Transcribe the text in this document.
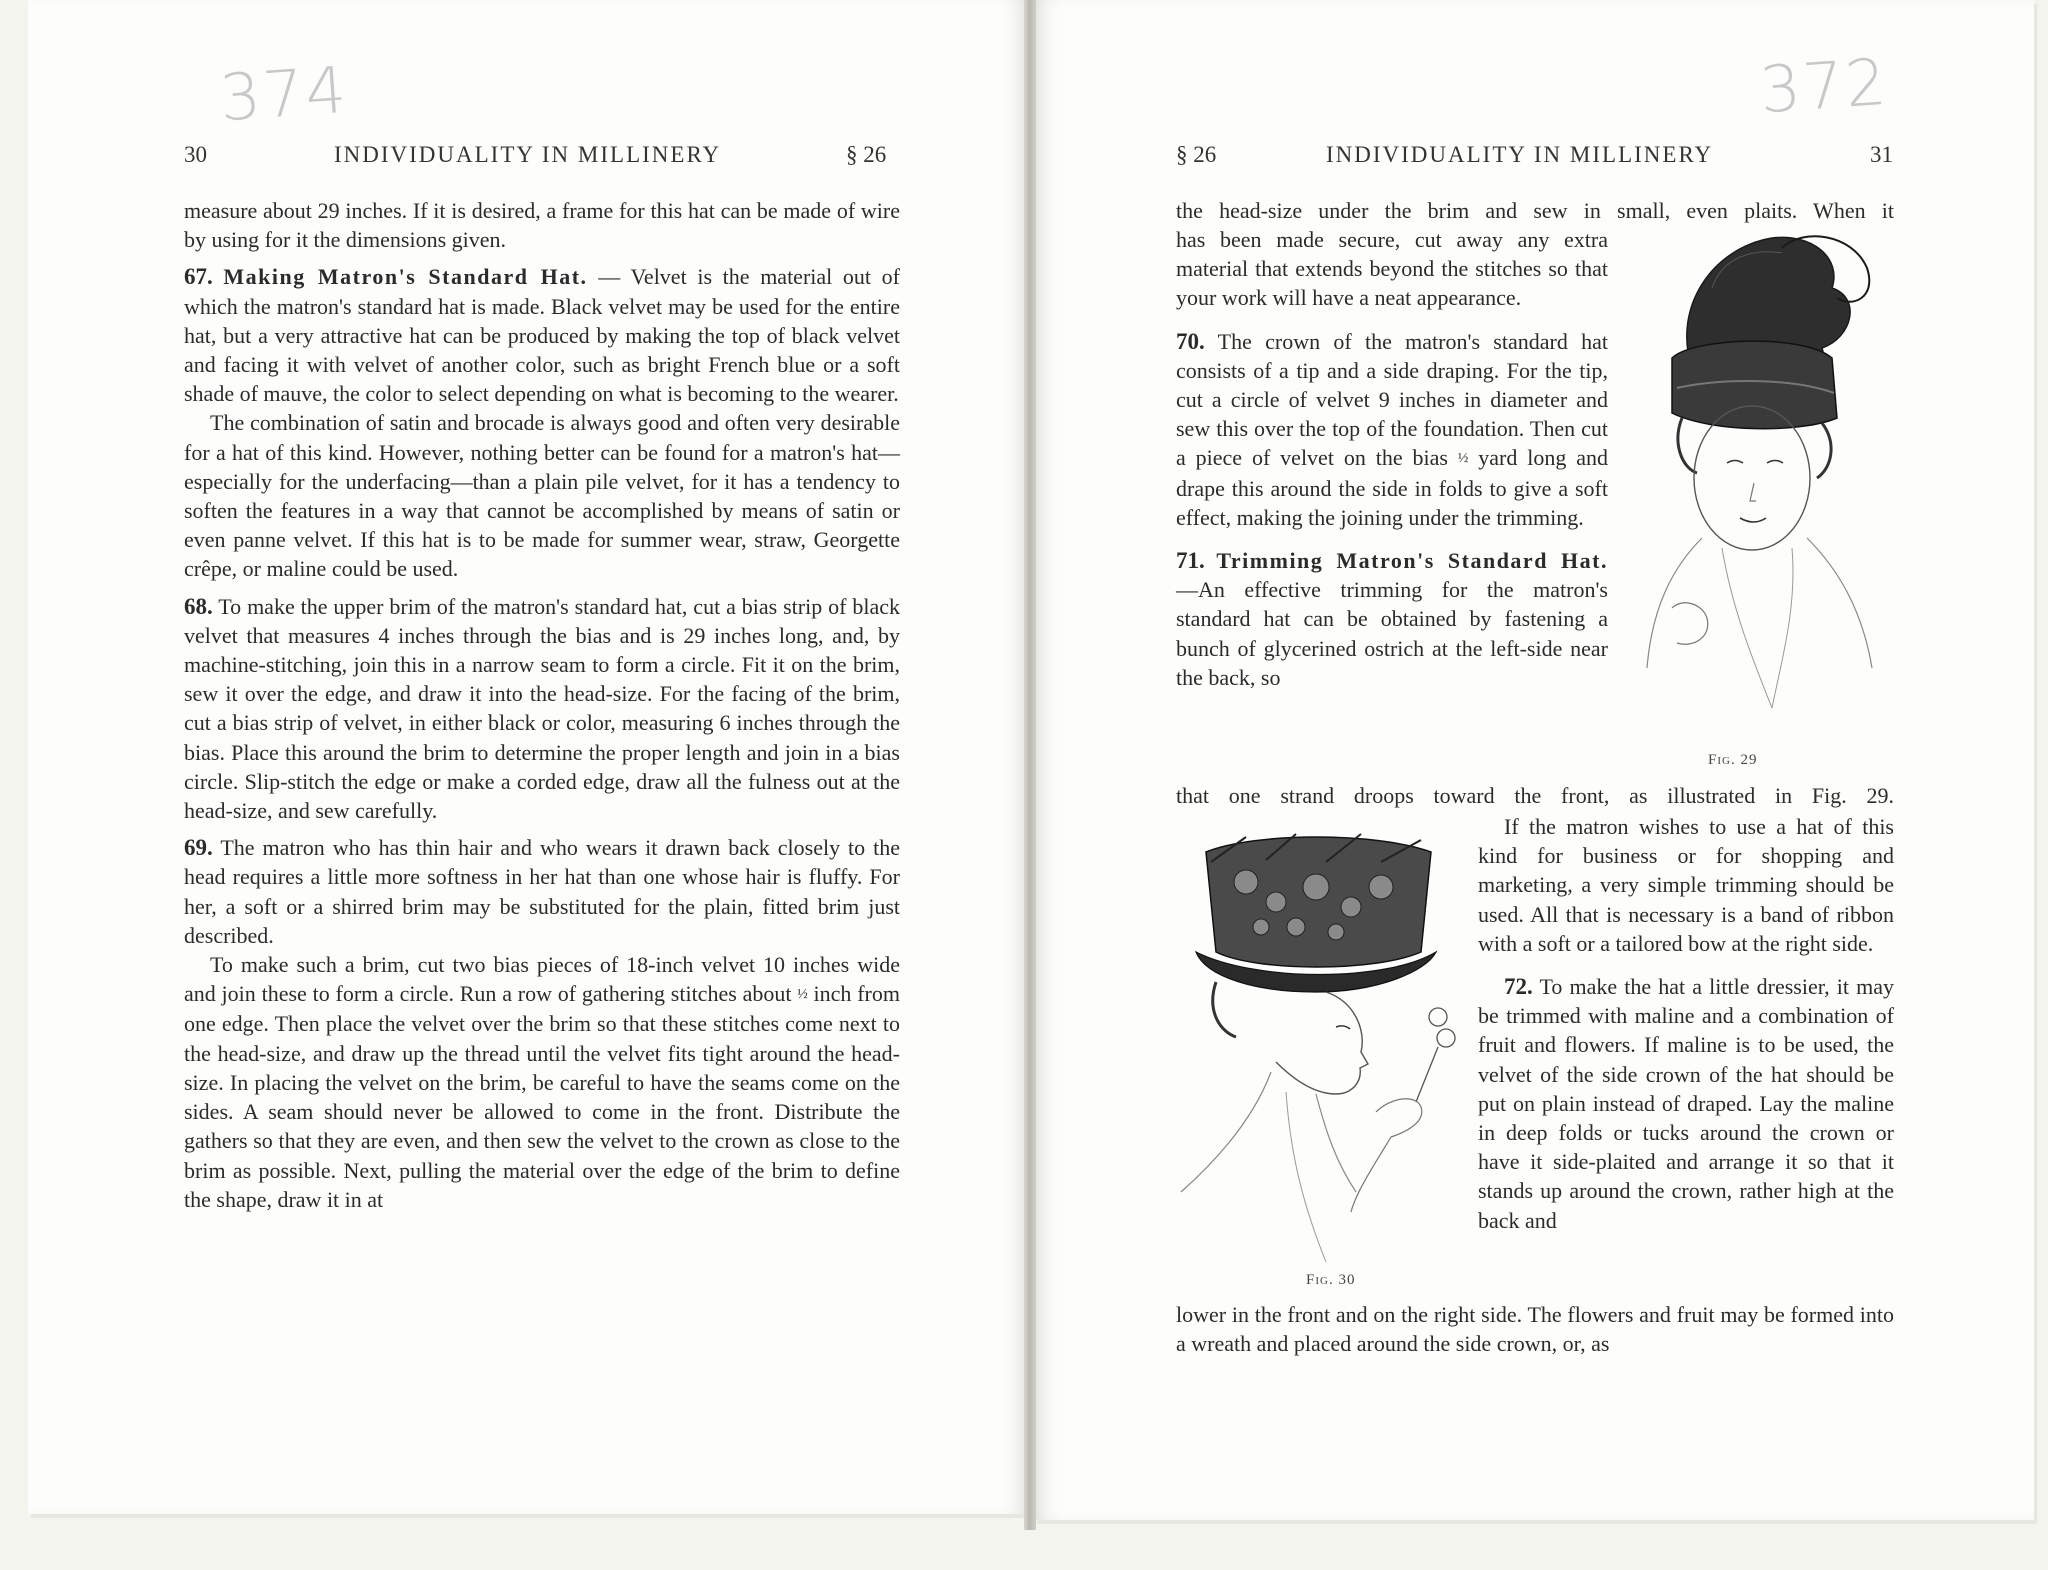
374	372
30	INDIVIDUALITY IN MILLINERY	§ 26

measure about 29 inches. If it is desired, a frame for this hat can be made of wire by using for it the dimensions given.

67. Making Matron's Standard Hat. — Velvet is the material out of which the matron's standard hat is made. Black velvet may be used for the entire hat, but a very attractive hat can be produced by making the top of black velvet and facing it with velvet of another color, such as bright French blue or a soft shade of mauve, the color to select depending on what is becoming to the wearer.

The combination of satin and brocade is always good and often very desirable for a hat of this kind. However, nothing better can be found for a matron's hat—especially for the underfacing—than a plain pile velvet, for it has a tendency to soften the features in a way that cannot be accomplished by means of satin or even panne velvet. If this hat is to be made for summer wear, straw, Georgette crêpe, or maline could be used.

68. To make the upper brim of the matron's standard hat, cut a bias strip of black velvet that measures 4 inches through the bias and is 29 inches long, and, by machine-stitching, join this in a narrow seam to form a circle. Fit it on the brim, sew it over the edge, and draw it into the head-size. For the facing of the brim, cut a bias strip of velvet, in either black or color, measuring 6 inches through the bias. Place this around the brim to determine the proper length and join in a bias circle. Slip-stitch the edge or make a corded edge, draw all the fulness out at the head-size, and sew carefully.

69. The matron who has thin hair and who wears it drawn back closely to the head requires a little more softness in her hat than one whose hair is fluffy. For her, a soft or a shirred brim may be substituted for the plain, fitted brim just described.

To make such a brim, cut two bias pieces of 18-inch velvet 10 inches wide and join these to form a circle. Run a row of gathering stitches about ½ inch from one edge. Then place the velvet over the brim so that these stitches come next to the head-size, and draw up the thread until the velvet fits tight around the head-size. In placing the velvet on the brim, be careful to have the seams come on the sides. A seam should never be allowed to come in the front. Distribute the gathers so that they are even, and then sew the velvet to the crown as close to the brim as possible. Next, pulling the material over the edge of the brim to define the shape, draw it in at

§ 26	INDIVIDUALITY IN MILLINERY	31
the head-size under the brim and sew in small, even plaits. When it

has been made secure, cut away any extra material that extends beyond the stitches so that your work will have a neat appearance.

70. The crown of the matron's standard hat consists of a tip and a side draping. For the tip, cut a circle of velvet 9 inches in diameter and sew this over the top of the foundation. Then cut a piece of velvet on the bias ½ yard long and drape this around the side in folds to give a soft effect, making the joining under the trimming.

71. Trimming Matron's Standard Hat. —An effective trimming for the matron's standard hat can be obtained by fastening a bunch of glycerined ostrich at the left-side near the back, so

Fig. 29
that one strand droops toward the front, as illustrated in Fig. 29.

If the matron wishes to use a hat of this kind for business or for shopping and marketing, a very simple trimming should be used. All that is necessary is a band of ribbon with a soft or a tailored bow at the right side.

72. To make the hat a little dressier, it may be trimmed with maline and a combination of fruit and flowers. If maline is to be used, the velvet of the side crown of the hat should be put on plain instead of draped. Lay the maline in deep folds or tucks around the crown or have it side-plaited and arrange it so that it stands up around the crown, rather high at the back and

Fig. 30
lower in the front and on the right side. The flowers and fruit may be formed into a wreath and placed around the side crown, or, as
